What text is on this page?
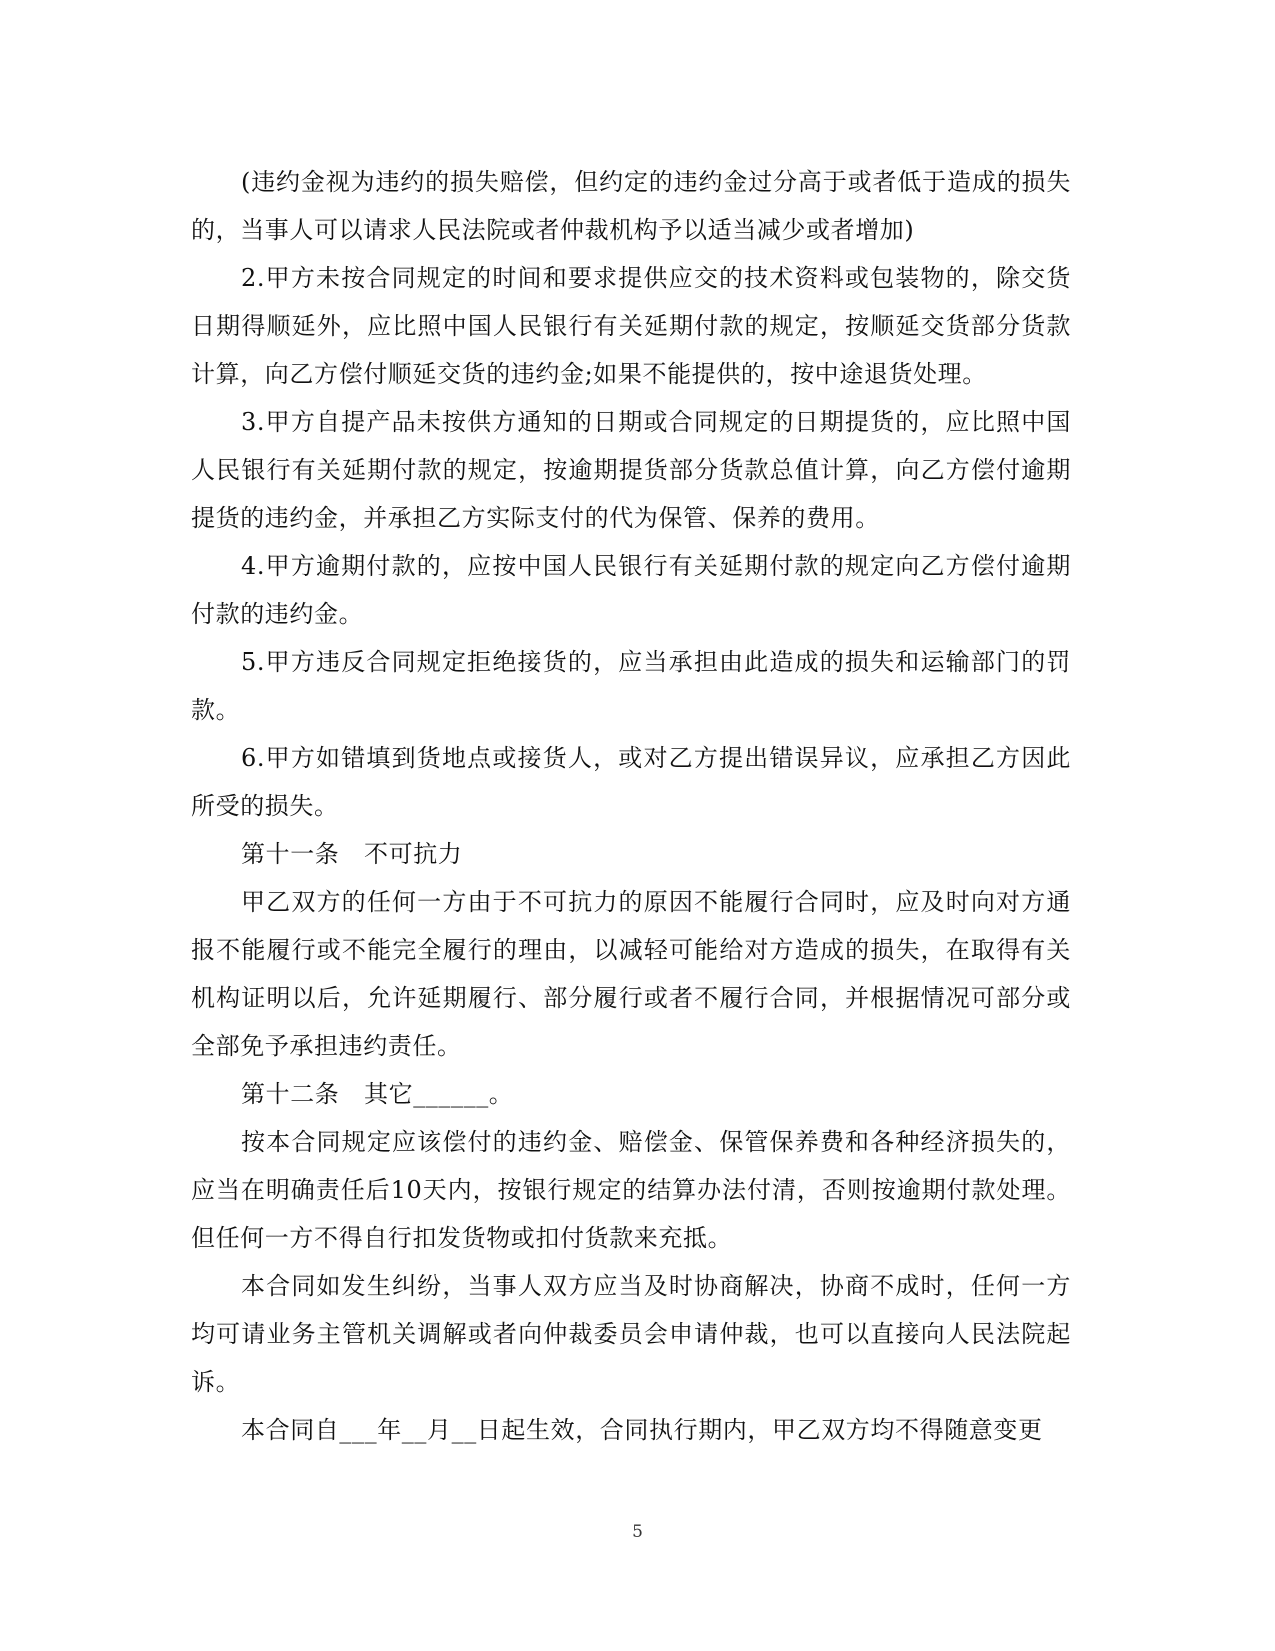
(违约金视为违约的损失赔偿，但约定的违约金过分高于或者低于造成的损失的，当事人可以请求人民法院或者仲裁机构予以适当减少或者增加)

2.甲方未按合同规定的时间和要求提供应交的技术资料或包装物的，除交货日期得顺延外，应比照中国人民银行有关延期付款的规定，按顺延交货部分货款计算，向乙方偿付顺延交货的违约金;如果不能提供的，按中途退货处理。

3.甲方自提产品未按供方通知的日期或合同规定的日期提货的，应比照中国人民银行有关延期付款的规定，按逾期提货部分货款总值计算，向乙方偿付逾期提货的违约金，并承担乙方实际支付的代为保管、保养的费用。

4.甲方逾期付款的，应按中国人民银行有关延期付款的规定向乙方偿付逾期付款的违约金。

5.甲方违反合同规定拒绝接货的，应当承担由此造成的损失和运输部门的罚款。

6.甲方如错填到货地点或接货人，或对乙方提出错误异议，应承担乙方因此所受的损失。

第十一条　不可抗力

甲乙双方的任何一方由于不可抗力的原因不能履行合同时，应及时向对方通报不能履行或不能完全履行的理由，以减轻可能给对方造成的损失，在取得有关机构证明以后，允许延期履行、部分履行或者不履行合同，并根据情况可部分或全部免予承担违约责任。

第十二条　其它______。

按本合同规定应该偿付的违约金、赔偿金、保管保养费和各种经济损失的，应当在明确责任后10天内，按银行规定的结算办法付清，否则按逾期付款处理。但任何一方不得自行扣发货物或扣付货款来充抵。

本合同如发生纠纷，当事人双方应当及时协商解决，协商不成时，任何一方均可请业务主管机关调解或者向仲裁委员会申请仲裁，也可以直接向人民法院起诉。

本合同自___年__月__日起生效，合同执行期内，甲乙双方均不得随意变更

5
